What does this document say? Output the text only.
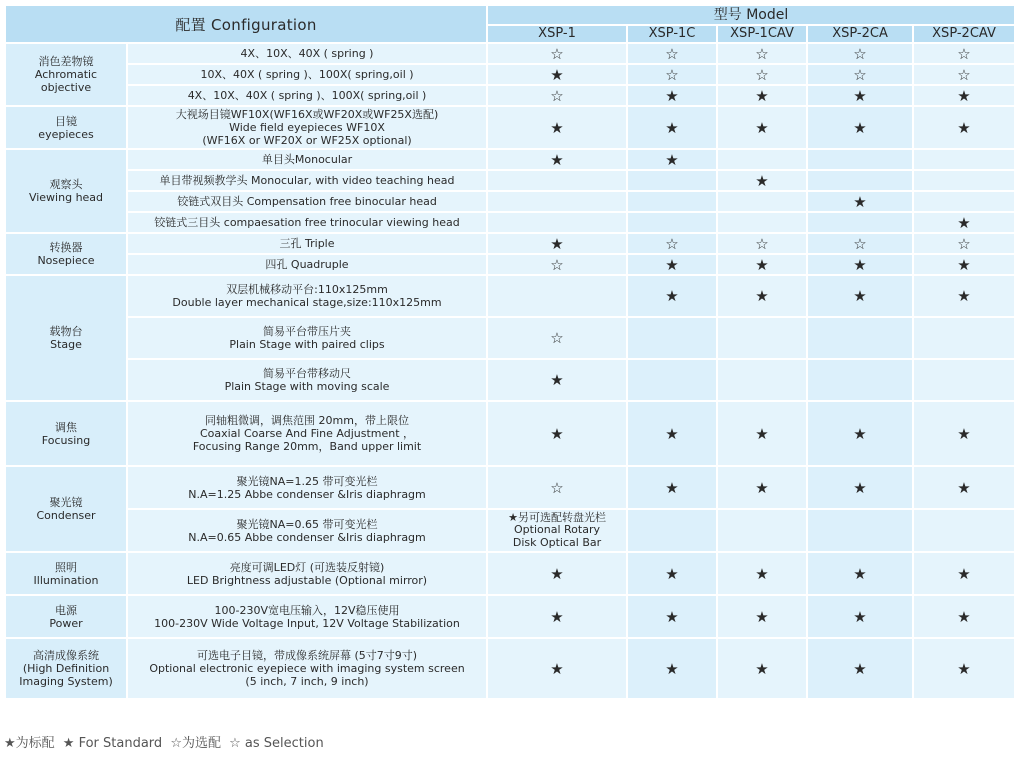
配置 Configuration		型号 Model				
		XSP-1	XSP-1C	XSP-1CAV	XSP-2CA	XSP-2CAV
消色差物镜
Achromatic
objective	4X、10X、40X ( spring )	☆	☆	☆	☆	☆
	10X、40X ( spring )、100X( spring,oil )	★	☆	☆	☆	☆
	4X、10X、40X ( spring )、100X( spring,oil )	☆	★	★	★	★
目镜
eyepieces	大视场目镜WF10X(WF16X或WF20X或WF25X选配)
Wide field eyepieces WF10X
(WF16X or WF20X or WF25X optional)	★	★	★	★	★
观察头
Viewing head	单目头Monocular	★	★			
	单目带视频教学头 Monocular, with video teaching head			★		
	铰链式双目头 Compensation free binocular head				★	
	铰链式三目头 compaesation free trinocular viewing head					★
转换器
Nosepiece	三孔 Triple	★	☆	☆	☆	☆
	四孔 Quadruple	☆	★	★	★	★
载物台
Stage	双层机械移动平台:110x125mm
Double layer mechanical stage,size:110x125mm		★	★	★	★
	简易平台带压片夹
Plain Stage with paired clips	☆				
	简易平台带移动尺
Plain Stage with moving scale	★				
调焦
Focusing	同轴粗微调，调焦范围 20mm，带上限位
Coaxial Coarse And Fine Adjustment ，
Focusing Range 20mm，Band upper limit	★	★	★	★	★
聚光镜
Condenser	聚光镜NA=1.25 带可变光栏
N.A=1.25 Abbe condenser &Iris diaphragm	☆	★	★	★	★
	聚光镜NA=0.65 带可变光栏
N.A=0.65 Abbe condenser &Iris diaphragm	★另可选配转盘光栏
Optional Rotary
Disk Optical Bar				
照明
Illumination	亮度可调LED灯 (可选装反射镜)
LED Brightness adjustable (Optional mirror)	★	★	★	★	★
电源
Power	100-230V宽电压输入，12V稳压使用
100-230V Wide Voltage Input, 12V Voltage Stabilization	★	★	★	★	★
高清成像系统
(High Definition
Imaging System)	可选电子目镜，带成像系统屏幕 (5寸7寸9寸)
Optional electronic eyepiece with imaging system screen
(5 inch, 7 inch, 9 inch)	★	★	★	★	★
★为标配 ★ For Standard ☆为选配 ☆ as Selection
